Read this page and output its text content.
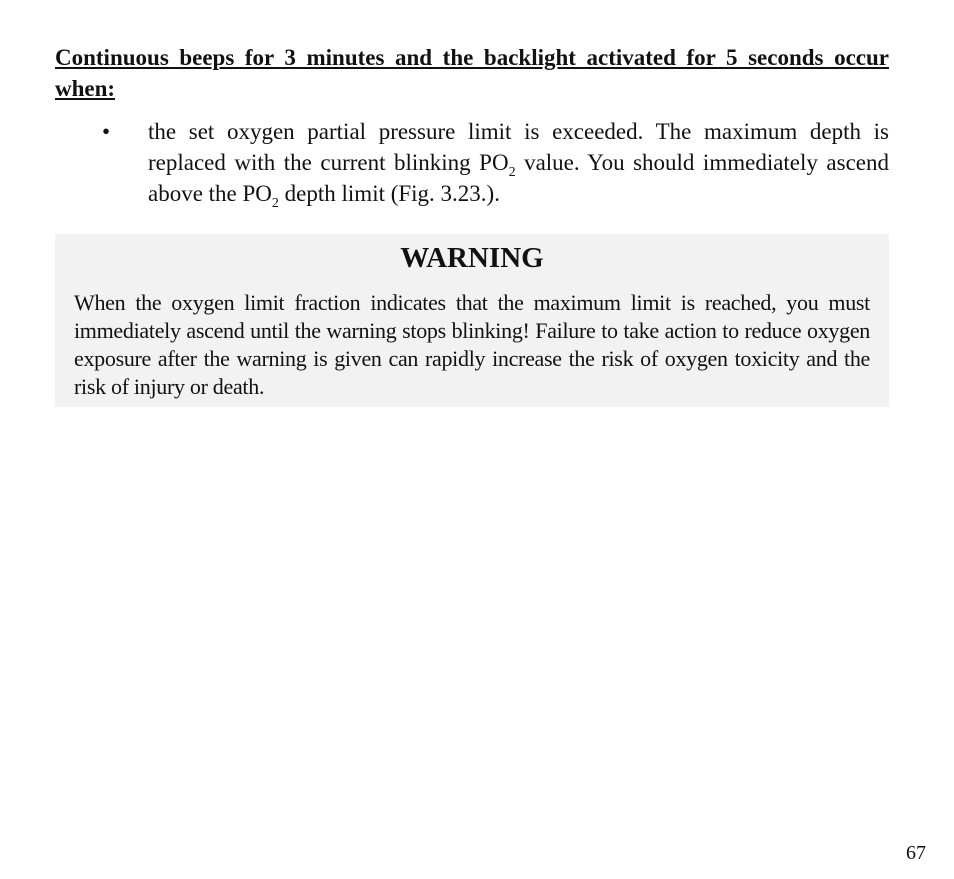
Continuous beeps for 3 minutes and the backlight activated for 5 seconds occur when:

• the set oxygen partial pressure limit is exceeded. The maximum depth is replaced with the current blinking $PO_2$ value. You should immediately ascend above the $PO_2$ depth limit (Fig. 3.23.).
WARNING

When the oxygen limit fraction indicates that the maximum limit is reached, you must immediately ascend until the warning stops blinking! Failure to take action to reduce oxygen exposure after the warning is given can rapidly increase the risk of oxygen toxicity and the risk of injury or death.

67
